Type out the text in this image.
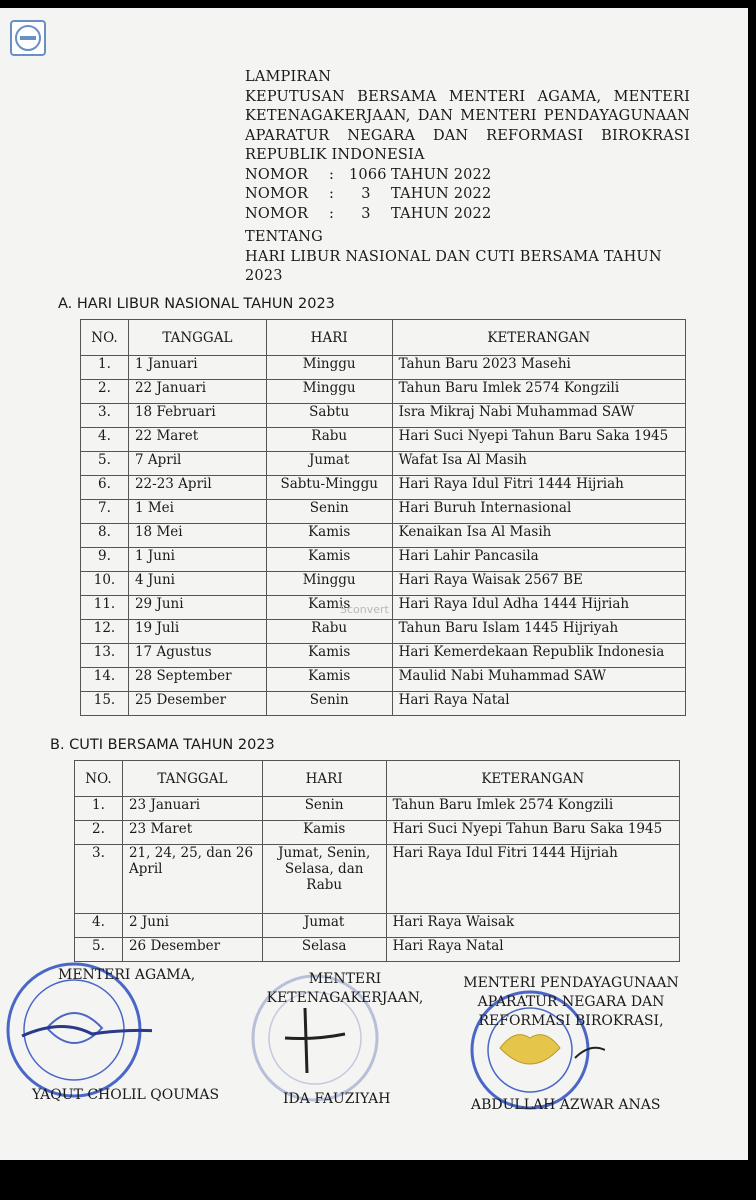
LAMPIRAN
KEPUTUSAN BERSAMA MENTERI AGAMA, MENTERI
KETENAGAKERJAAN, DAN MENTERI PENDAYAGUNAAN
APARATUR NEGARA DAN REFORMASI BIROKRASI
REPUBLIK INDONESIA
NOMOR	:	1066 TAHUN 2022
NOMOR	:	3	TAHUN 2022
NOMOR	:	3	TAHUN 2022
TENTANG
HARI LIBUR NASIONAL DAN CUTI BERSAMA TAHUN 2023
A. HARI LIBUR NASIONAL TAHUN 2023
NO.	TANGGAL	HARI	KETERANGAN
1.	1 Januari	Minggu	Tahun Baru 2023 Masehi
2.	22 Januari	Minggu	Tahun Baru Imlek 2574 Kongzili
3.	18 Februari	Sabtu	Isra Mikraj Nabi Muhammad SAW
4.	22 Maret	Rabu	Hari Suci Nyepi Tahun Baru Saka 1945
5.	7 April	Jumat	Wafat Isa Al Masih
6.	22-23 April	Sabtu-Minggu	Hari Raya Idul Fitri 1444 Hijriah
7.	1 Mei	Senin	Hari Buruh Internasional
8.	18 Mei	Kamis	Kenaikan Isa Al Masih
9.	1 Juni	Kamis	Hari Lahir Pancasila
10.	4 Juni	Minggu	Hari Raya Waisak 2567 BE
11.	29 Juni	Kamis	Hari Raya Idul Adha 1444 Hijriah
12.	19 Juli	Rabu	Tahun Baru Islam 1445 Hijriyah
13.	17 Agustus	Kamis	Hari Kemerdekaan Republik Indonesia
14.	28 September	Kamis	Maulid Nabi Muhammad SAW
15.	25 Desember	Senin	Hari Raya Natal
Sconvert
B. CUTI BERSAMA TAHUN 2023
NO.	TANGGAL	HARI	KETERANGAN
1.	23 Januari	Senin	Tahun Baru Imlek 2574 Kongzili
2.	23 Maret	Kamis	Hari Suci Nyepi Tahun Baru Saka 1945
3.	21, 24, 25, dan 26 April	Jumat, Senin, Selasa, dan Rabu	Hari Raya Idul Fitri 1444 Hijriah
4.	2 Juni	Jumat	Hari Raya Waisak
5.	26 Desember	Selasa	Hari Raya Natal
MENTERI AGAMA,	MENTERI KETENAGAKERJAAN,
MENTERI PENDAYAGUNAAN APARATUR NEGARA DAN REFORMASI BIROKRASI,
YAQUT CHOLIL QOUMAS	IDA FAUZIYAH	ABDULLAH AZWAR ANAS
